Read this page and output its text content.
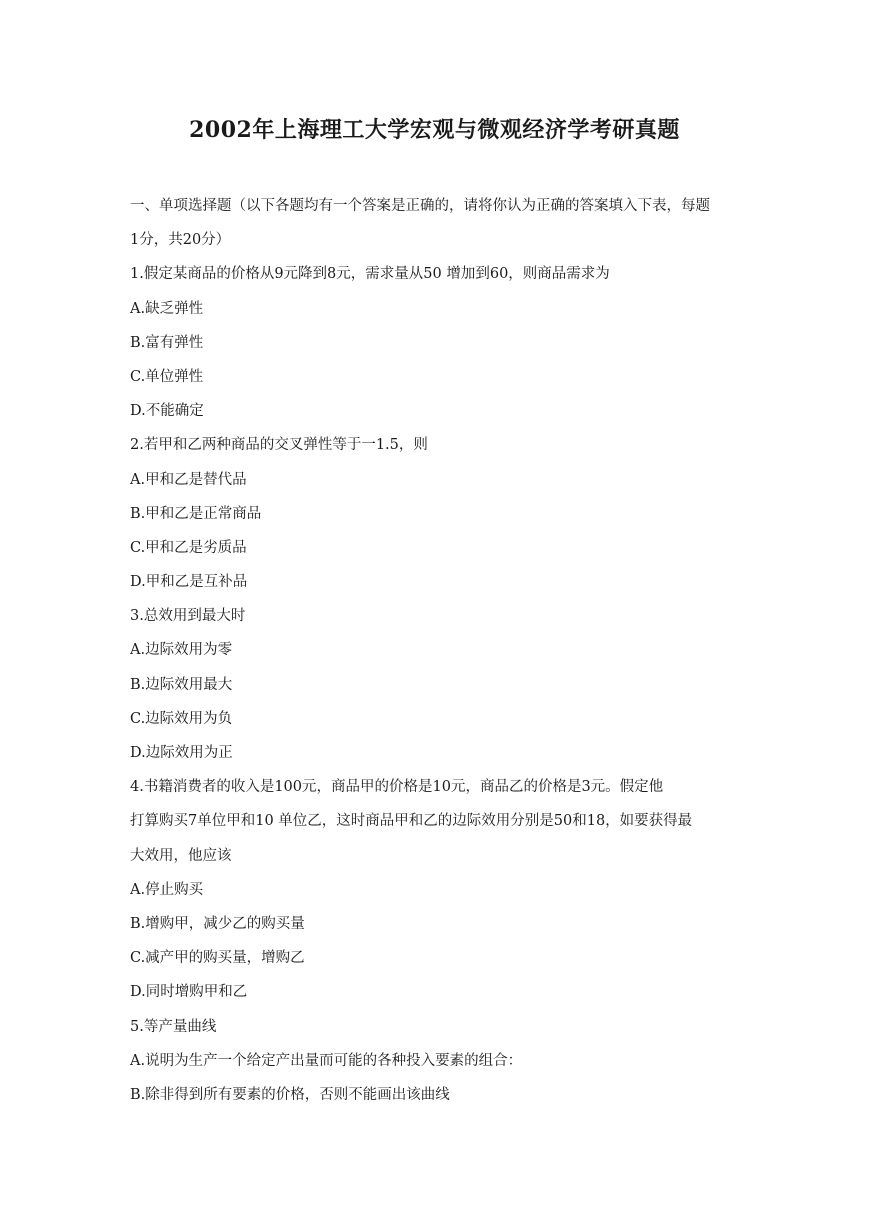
2002年上海理工大学宏观与微观经济学考研真题

一、单项选择题（以下各题均有一个答案是正确的，请将你认为正确的答案填入下表，每题

1分，共20分）

1.假定某商品的价格从9元降到8元，需求量从50 增加到60，则商品需求为

A.缺乏弹性

B.富有弹性

C.单位弹性

D.不能确定

2.若甲和乙两种商品的交叉弹性等于一1.5，则

A.甲和乙是替代品

B.甲和乙是正常商品

C.甲和乙是劣质品

D.甲和乙是互补品

3.总效用到最大时

A.边际效用为零

B.边际效用最大

C.边际效用为负

D.边际效用为正

4.书籍消费者的收入是100元，商品甲的价格是10元，商品乙的价格是3元。假定他

打算购买7单位甲和10 单位乙，这时商品甲和乙的边际效用分别是50和18，如要获得最

大效用，他应该

A.停止购买

B.增购甲，减少乙的购买量

C.减产甲的购买量，增购乙

D.同时增购甲和乙

5.等产量曲线

A.说明为生产一个给定产出量而可能的各种投入要素的组合：

B.除非得到所有要素的价格，否则不能画出该曲线
